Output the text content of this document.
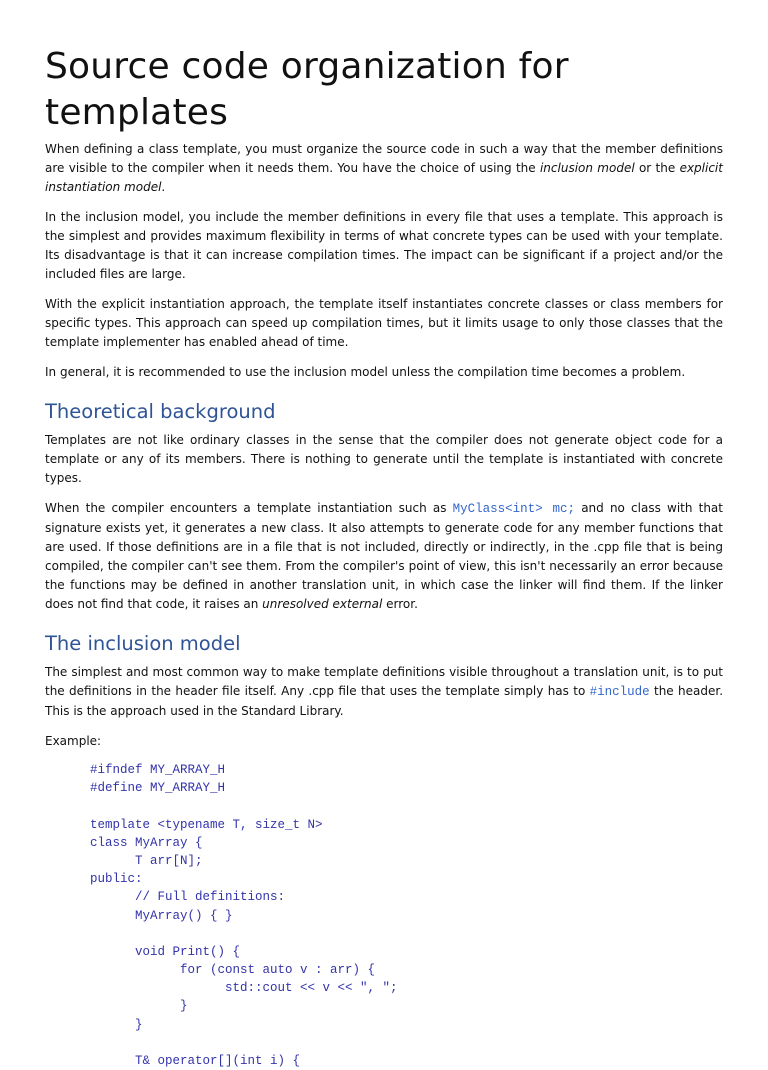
Source code organization for templates

When defining a class template, you must organize the source code in such a way that the member definitions are visible to the compiler when it needs them. You have the choice of using the inclusion model or the explicit instantiation model.

In the inclusion model, you include the member definitions in every file that uses a template. This approach is the simplest and provides maximum flexibility in terms of what concrete types can be used with your template. Its disadvantage is that it can increase compilation times. The impact can be significant if a project and/or the included files are large.

With the explicit instantiation approach, the template itself instantiates concrete classes or class members for specific types. This approach can speed up compilation times, but it limits usage to only those classes that the template implementer has enabled ahead of time.

In general, it is recommended to use the inclusion model unless the compilation time becomes a problem.

Theoretical background

Templates are not like ordinary classes in the sense that the compiler does not generate object code for a template or any of its members. There is nothing to generate until the template is instantiated with concrete types.

When the compiler encounters a template instantiation such as MyClass<int> mc; and no class with that signature exists yet, it generates a new class. It also attempts to generate code for any member functions that are used. If those definitions are in a file that is not included, directly or indirectly, in the .cpp file that is being compiled, the compiler can't see them. From the compiler's point of view, this isn't necessarily an error because the functions may be defined in another translation unit, in which case the linker will find them. If the linker does not find that code, it raises an unresolved external error.

The inclusion model

The simplest and most common way to make template definitions visible throughout a translation unit, is to put the definitions in the header file itself. Any .cpp file that uses the template simply has to #include the header. This is the approach used in the Standard Library.

Example:

#ifndef MY_ARRAY_H
#define MY_ARRAY_H
template <typename T, size_t N>
class MyArray {
T arr[N];
public:
// Full definitions:
MyArray() { }
void Print() {
for (const auto v : arr) {
std::cout << v << ", ";
}
}
T& operator[](int i) {
